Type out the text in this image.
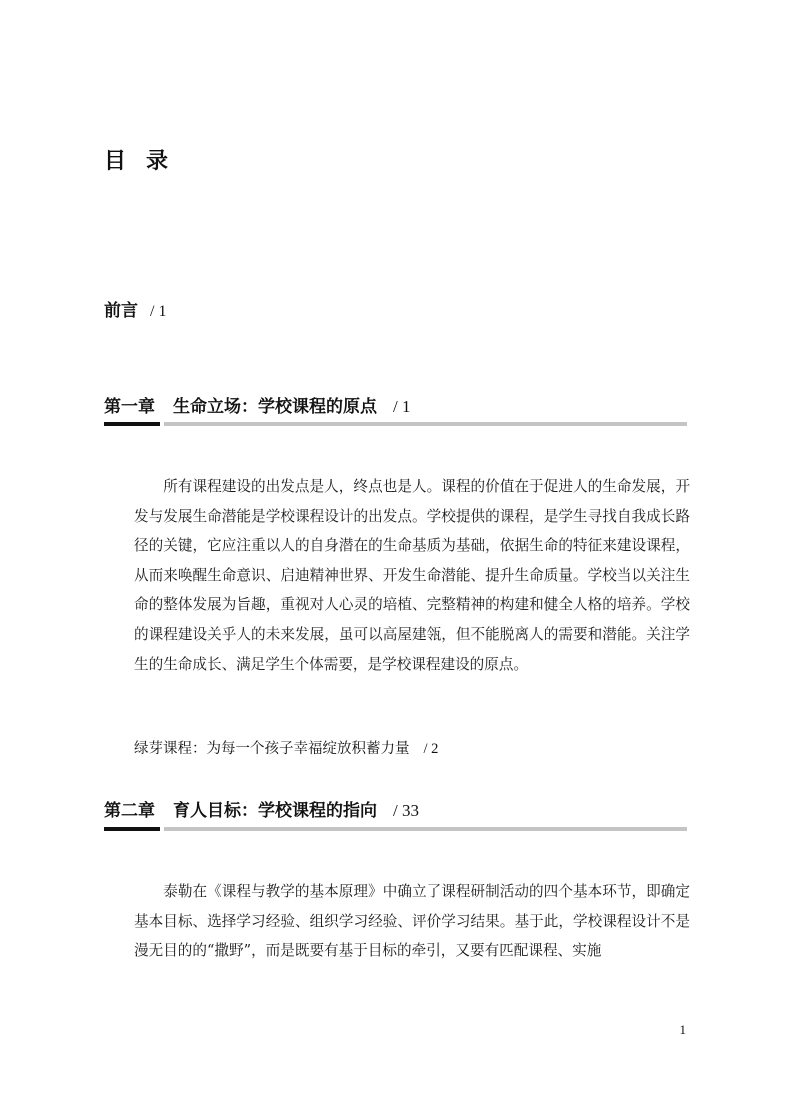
目 录
前言 / 1
第一章 生命立场：学校课程的原点 / 1
所有课程建设的出发点是人，终点也是人。课程的价值在于促进人的生命发展，开发与发展生命潜能是学校课程设计的出发点。学校提供的课程，是学生寻找自我成长路径的关键，它应注重以人的自身潜在的生命基质为基础，依据生命的特征来建设课程，从而来唤醒生命意识、启迪精神世界、开发生命潜能、提升生命质量。学校当以关注生命的整体发展为旨趣，重视对人心灵的培植、完整精神的构建和健全人格的培养。学校的课程建设关乎人的未来发展，虽可以高屋建瓴，但不能脱离人的需要和潜能。关注学生的生命成长、满足学生个体需要，是学校课程建设的原点。
绿芽课程：为每一个孩子幸福绽放积蓄力量 / 2
第二章 育人目标：学校课程的指向 / 33
泰勒在《课程与教学的基本原理》中确立了课程研制活动的四个基本环节，即确定基本目标、选择学习经验、组织学习经验、评价学习结果。基于此，学校课程设计不是漫无目的的“撒野”，而是既要有基于目标的牵引，又要有匹配课程、实施
1
